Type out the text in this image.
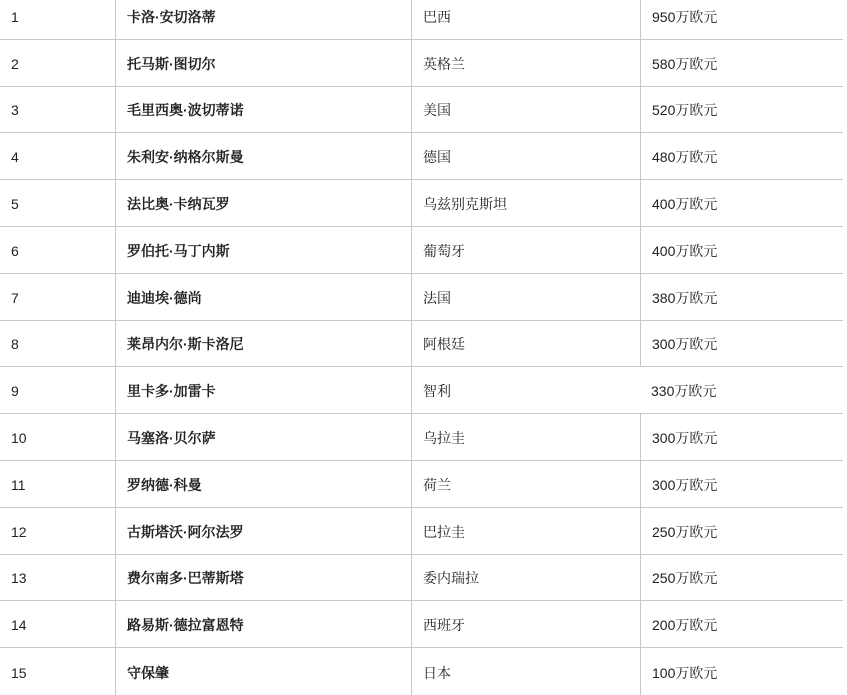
1	卡洛·安切洛蒂	巴西	950万欧元
2	托马斯·图切尔	英格兰	580万欧元
3	毛里西奥·波切蒂诺	美国	520万欧元
4	朱利安·纳格尔斯曼	德国	480万欧元
5	法比奥·卡纳瓦罗	乌兹别克斯坦	400万欧元
6	罗伯托·马丁内斯	葡萄牙	400万欧元
7	迪迪埃·德尚	法国	380万欧元
8	莱昂内尔·斯卡洛尼	阿根廷	300万欧元
9	里卡多·加雷卡	智利	330万欧元
10	马塞洛·贝尔萨	乌拉圭	300万欧元
11	罗纳德·科曼	荷兰	300万欧元
12	古斯塔沃·阿尔法罗	巴拉圭	250万欧元
13	费尔南多·巴蒂斯塔	委内瑞拉	250万欧元
14	路易斯·德拉富恩特	西班牙	200万欧元
15	守保肇	日本	100万欧元
